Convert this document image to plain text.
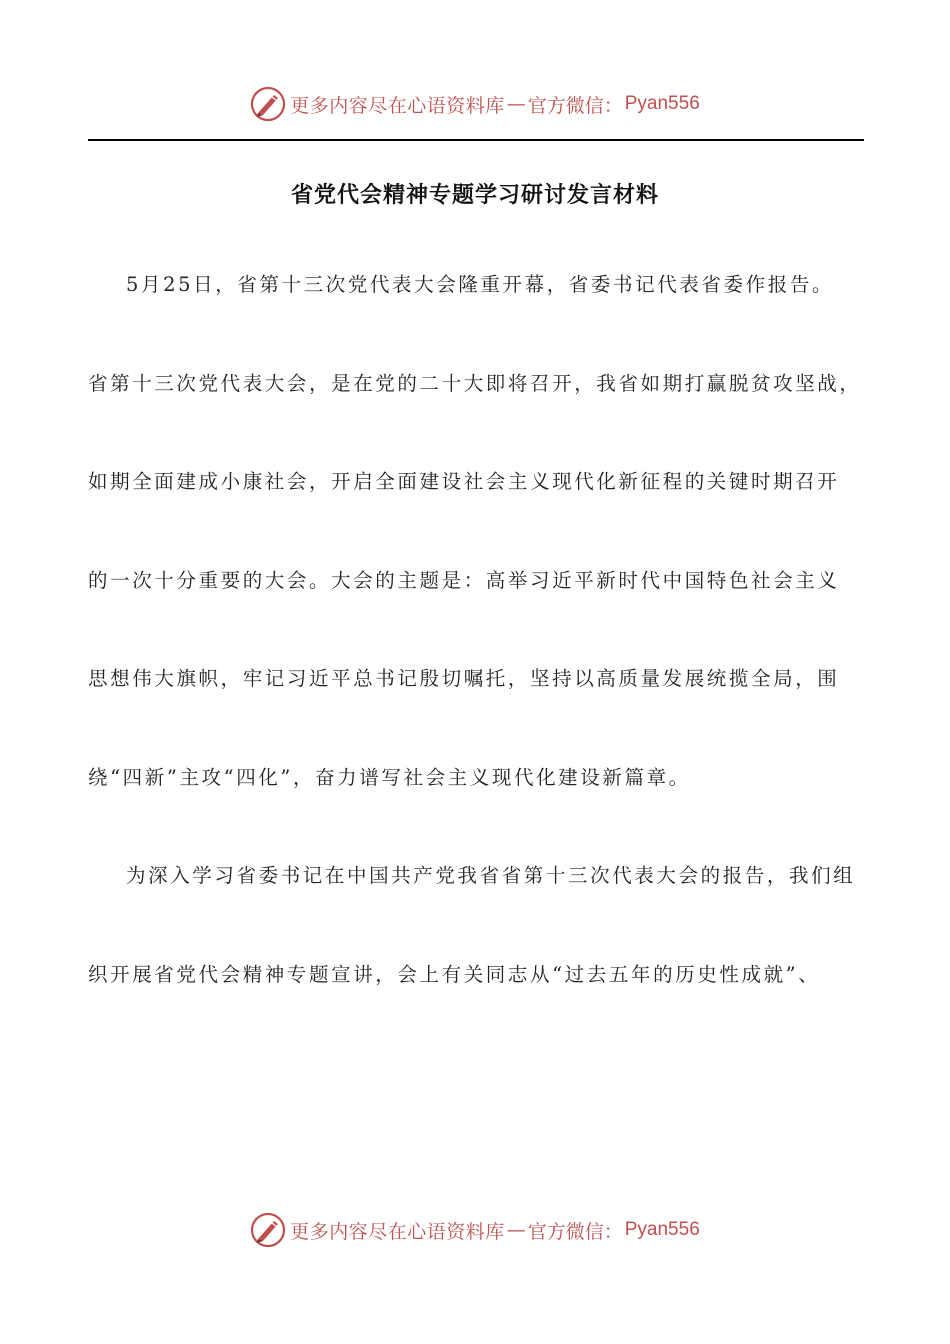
更多内容尽在心语资料库 — 官方微信： Pyan556
省党代会精神专题学习研讨发言材料
5月25日，省第十三次党代表大会隆重开幕，省委书记代表省委作报告。
省第十三次党代表大会，是在党的二十大即将召开，我省如期打赢脱贫攻坚战，
如期全面建成小康社会，开启全面建设社会主义现代化新征程的关键时期召开
的一次十分重要的大会。大会的主题是：高举习近平新时代中国特色社会主义
思想伟大旗帜，牢记习近平总书记殷切嘱托，坚持以高质量发展统揽全局，围
绕“四新”主攻“四化”，奋力谱写社会主义现代化建设新篇章。
为深入学习省委书记在中国共产党我省省第十三次代表大会的报告，我们组
织开展省党代会精神专题宣讲，会上有关同志从“过去五年的历史性成就”、
更多内容尽在心语资料库 — 官方微信： Pyan556
